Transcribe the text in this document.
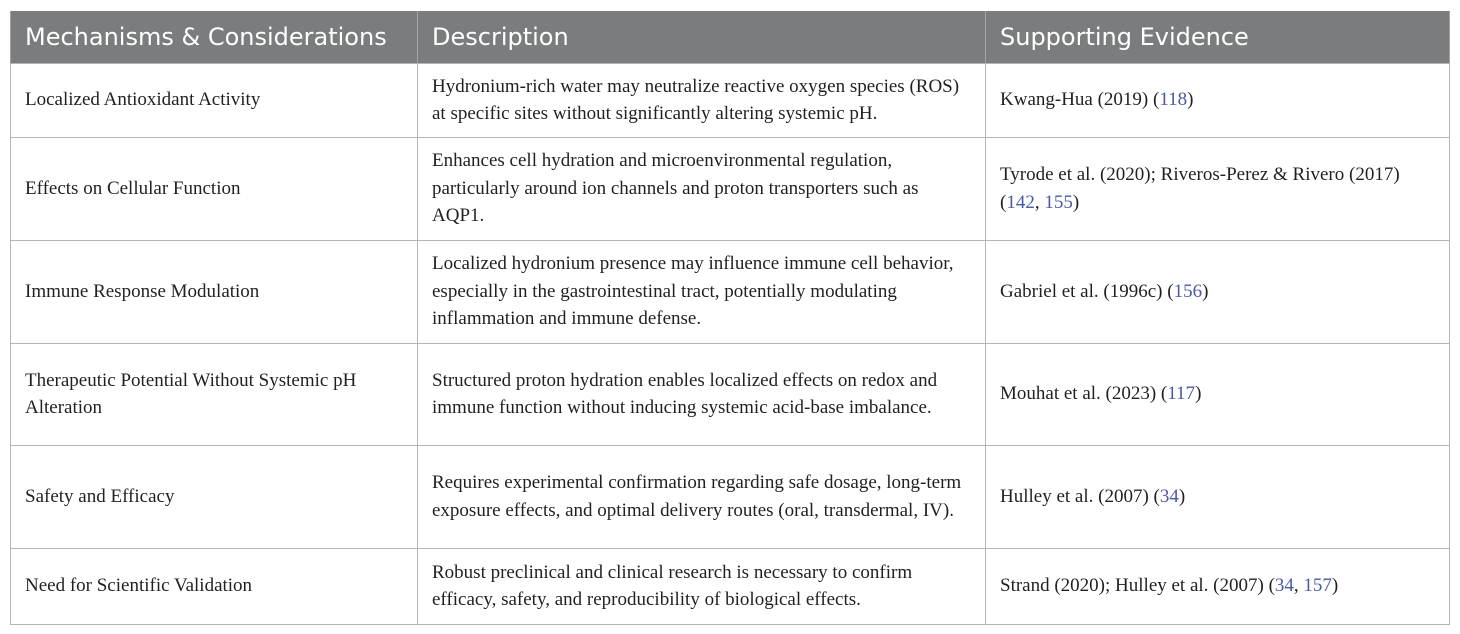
Mechanisms & Considerations	Description	Supporting Evidence
Localized Antioxidant Activity	Hydronium-rich water may neutralize reactive oxygen species (ROS) at specific sites without significantly altering systemic pH.	Kwang-Hua (2019) (118)
Effects on Cellular Function	Enhances cell hydration and microenvironmental regulation, particularly around ion channels and proton transporters such as AQP1.	Tyrode et al. (2020); Riveros-Perez & Rivero (2017) (142, 155)
Immune Response Modulation	Localized hydronium presence may influence immune cell behavior, especially in the gastrointestinal tract, potentially modulating inflammation and immune defense.	Gabriel et al. (1996c) (156)
Therapeutic Potential Without Systemic pH Alteration	Structured proton hydration enables localized effects on redox and immune function without inducing systemic acid-base imbalance.	Mouhat et al. (2023) (117)
Safety and Efficacy	Requires experimental confirmation regarding safe dosage, long-term exposure effects, and optimal delivery routes (oral, transdermal, IV).	Hulley et al. (2007) (34)
Need for Scientific Validation	Robust preclinical and clinical research is necessary to confirm efficacy, safety, and reproducibility of biological effects.	Strand (2020); Hulley et al. (2007) (34, 157)
